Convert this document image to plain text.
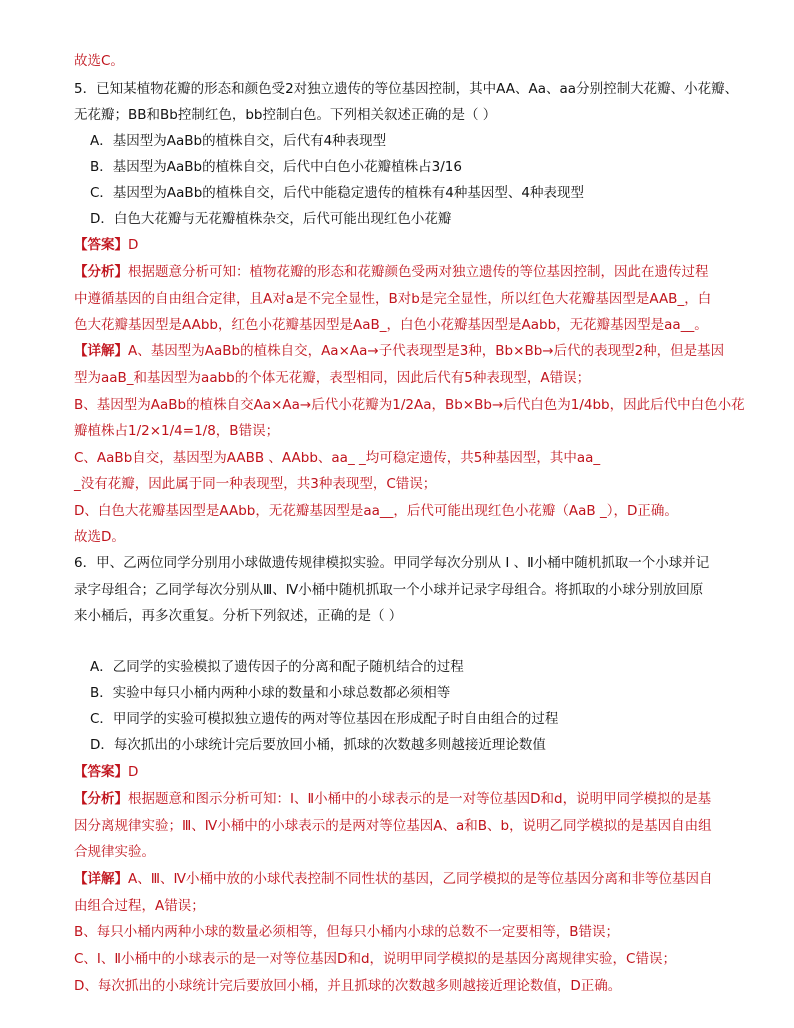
故选C。
5．已知某植物花瓣的形态和颜色受2对独立遗传的等位基因控制，其中AA、Aa、aa分别控制大花瓣、小花瓣、
无花瓣；BB和Bb控制红色，bb控制白色。下列相关叙述正确的是（ ）
A．基因型为AaBb的植株自交，后代有4种表现型
B．基因型为AaBb的植株自交，后代中白色小花瓣植株占3/16
C．基因型为AaBb的植株自交，后代中能稳定遗传的植株有4种基因型、4种表现型
D．白色大花瓣与无花瓣植株杂交，后代可能出现红色小花瓣
【答案】D
【分析】根据题意分析可知：植物花瓣的形态和花瓣颜色受两对独立遗传的等位基因控制，因此在遗传过程
中遵循基因的自由组合定律，且A对a是不完全显性，B对b是完全显性，所以红色大花瓣基因型是AAB_，白
色大花瓣基因型是AAbb，红色小花瓣基因型是AaB_，白色小花瓣基因型是Aabb，无花瓣基因型是aa__。
【详解】A、基因型为AaBb的植株自交，Aa×Aa→子代表现型是3种，Bb×Bb→后代的表现型2种，但是基因
型为aaB_和基因型为aabb的个体无花瓣，表型相同，因此后代有5种表现型，A错误；
B、基因型为AaBb的植株自交Aa×Aa→后代小花瓣为1/2Aa，Bb×Bb→后代白色为1/4bb，因此后代中白色小花
瓣植株占1/2×1/4=1/8，B错误；
C、AaBb自交，基因型为AABB 、AAbb、aa_ _均可稳定遗传，共5种基因型，其中aa_
_没有花瓣，因此属于同一种表现型，共3种表现型，C错误；
D、白色大花瓣基因型是AAbb，无花瓣基因型是aa__，后代可能出现红色小花瓣（AaB _），D正确。
故选D。
6．甲、乙两位同学分别用小球做遗传规律模拟实验。甲同学每次分别从 Ⅰ 、Ⅱ小桶中随机抓取一个小球并记
录字母组合；乙同学每次分别从Ⅲ、Ⅳ小桶中随机抓取一个小球并记录字母组合。将抓取的小球分别放回原
来小桶后，再多次重复。分析下列叙述，正确的是（ ）
A．乙同学的实验模拟了遗传因子的分离和配子随机结合的过程
B．实验中每只小桶内两种小球的数量和小球总数都必须相等
C．甲同学的实验可模拟独立遗传的两对等位基因在形成配子时自由组合的过程
D．每次抓出的小球统计完后要放回小桶，抓球的次数越多则越接近理论数值
【答案】D
【分析】根据题意和图示分析可知：Ⅰ、Ⅱ小桶中的小球表示的是一对等位基因D和d，说明甲同学模拟的是基
因分离规律实验；Ⅲ、Ⅳ小桶中的小球表示的是两对等位基因A、a和B、b，说明乙同学模拟的是基因自由组
合规律实验。
【详解】A、Ⅲ、Ⅳ小桶中放的小球代表控制不同性状的基因，乙同学模拟的是等位基因分离和非等位基因自
由组合过程，A错误；
B、每只小桶内两种小球的数量必须相等，但每只小桶内小球的总数不一定要相等，B错误；
C、Ⅰ、Ⅱ小桶中的小球表示的是一对等位基因D和d，说明甲同学模拟的是基因分离规律实验，C错误；
D、每次抓出的小球统计完后要放回小桶，并且抓球的次数越多则越接近理论数值，D正确。
